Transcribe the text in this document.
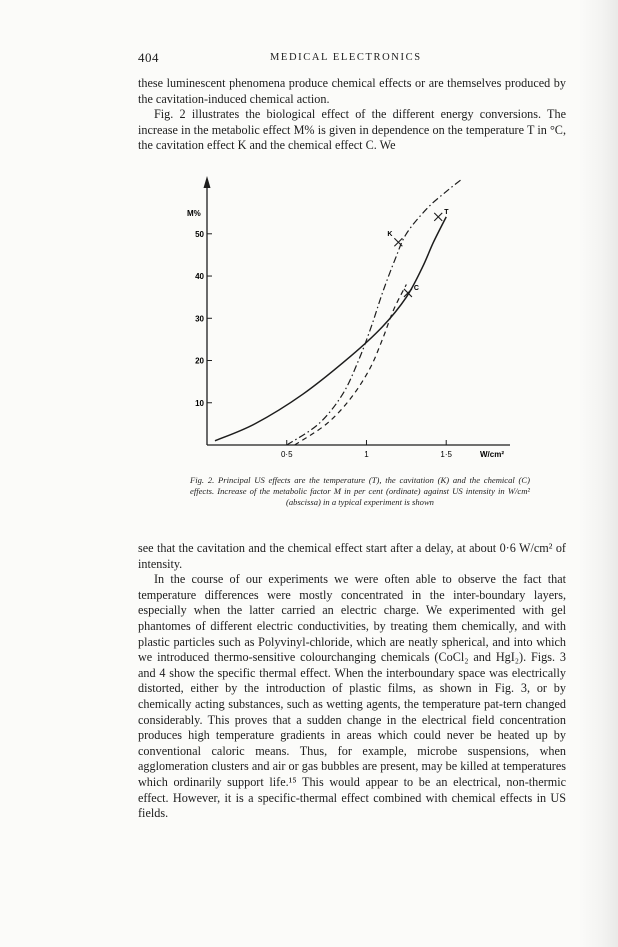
404	MEDICAL ELECTRONICS

these luminescent phenomena produce chemical effects or are themselves produced by the cavitation-induced chemical action.

Fig. 2 illustrates the biological effect of the different energy conversions. The increase in the metabolic effect M% is given in dependence on the temperature T in °C, the cavitation effect K and the chemical effect C. We

M%
W/cm²
10
20
30
40
50
0·5	1	1·5
T
K
C
Fig. 2. Principal US effects are the temperature (T), the cavitation (K) and the chemical (C) effects. Increase of the metabolic factor M in per cent (ordinate) against US intensity in W/cm² (abscissa) in a typical experiment is shown

see that the cavitation and the chemical effect start after a delay, at about 0·6 W/cm² of intensity.

In the course of our experiments we were often able to observe the fact that temperature differences were mostly concentrated in the inter-boundary layers, especially when the latter carried an electric charge. We experimented with gel phantomes of different electric conductivities, by treating them chemically, and with plastic particles such as Polyvinyl-chloride, which are neatly spherical, and into which we introduced thermo-sensitive colourchanging chemicals (CoCl₂ and HgI₂). Figs. 3 and 4 show the specific thermal effect. When the interboundary space was electrically distorted, either by the introduction of plastic films, as shown in Fig. 3, or by chemically acting substances, such as wetting agents, the temperature pat-tern changed considerably. This proves that a sudden change in the electrical field concentration produces high temperature gradients in areas which could never be heated up by conventional caloric means. Thus, for example, microbe suspensions, when agglomeration clusters and air or gas bubbles are present, may be killed at temperatures which ordinarily support life.¹⁵ This would appear to be an electrical, non-thermic effect. However, it is a specific-thermal effect combined with chemical effects in US fields.
